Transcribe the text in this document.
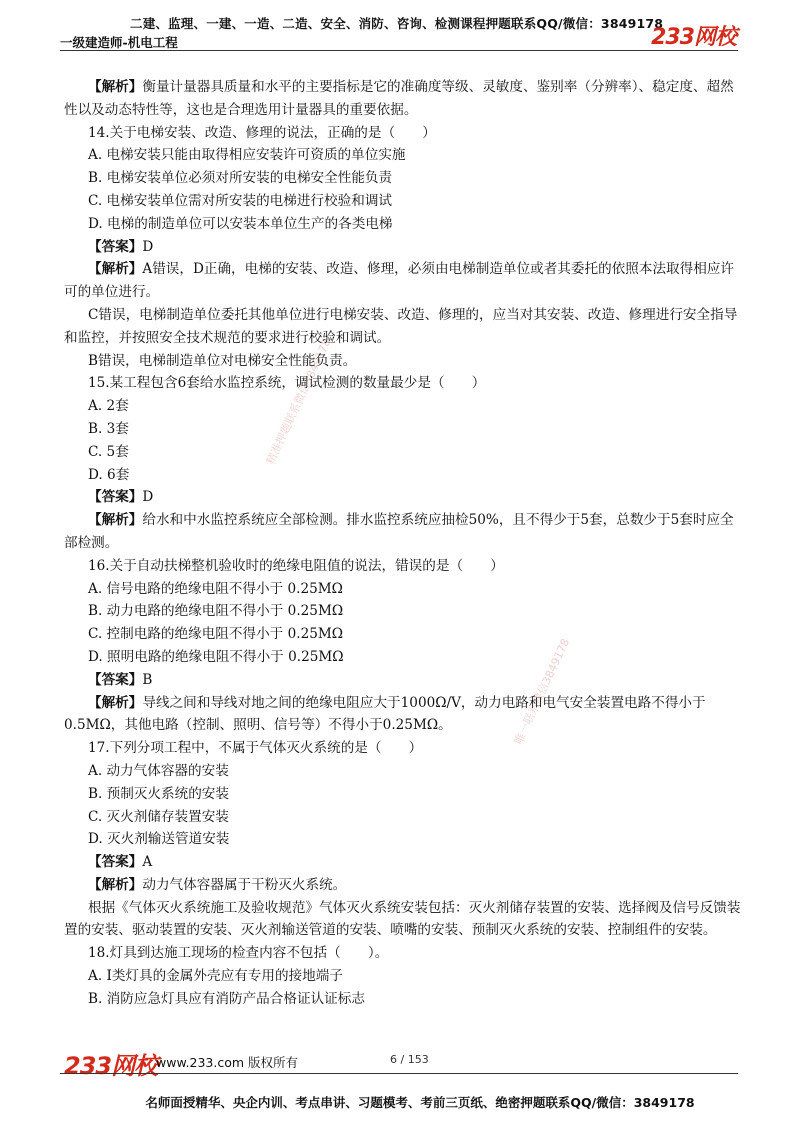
二建、监理、一建、一造、二造、安全、消防、咨询、检测课程押题联系QQ/微信：3849178
一级建造师-机电工程	233网校
精准押题联系微信3849178
唯一联系微信3849178

【解析】衡量计量器具质量和水平的主要指标是它的准确度等级、灵敏度、鉴别率（分辨率）、稳定度、超然性以及动态特性等，这也是合理选用计量器具的重要依据。

14.关于电梯安装、改造、修理的说法，正确的是（　　）

A. 电梯安装只能由取得相应安装许可资质的单位实施

B. 电梯安装单位必须对所安装的电梯安全性能负责

C. 电梯安装单位需对所安装的电梯进行校验和调试

D. 电梯的制造单位可以安装本单位生产的各类电梯

【答案】D

【解析】A错误，D正确，电梯的安装、改造、修理，必须由电梯制造单位或者其委托的依照本法取得相应许可的单位进行。

C错误，电梯制造单位委托其他单位进行电梯安装、改造、修理的，应当对其安装、改造、修理进行安全指导和监控，并按照安全技术规范的要求进行校验和调试。

B错误，电梯制造单位对电梯安全性能负责。

15.某工程包含6套给水监控系统，调试检测的数量最少是（　　）

A. 2套

B. 3套

C. 5套

D. 6套

【答案】D

【解析】给水和中水监控系统应全部检测。排水监控系统应抽检50%，且不得少于5套，总数少于5套时应全部检测。

16.关于自动扶梯整机验收时的绝缘电阻值的说法，错误的是（　　）

A. 信号电路的绝缘电阻不得小于 0.25MΩ

B. 动力电路的绝缘电阻不得小于 0.25MΩ

C. 控制电路的绝缘电阻不得小于 0.25MΩ

D. 照明电路的绝缘电阻不得小于 0.25MΩ

【答案】B

【解析】导线之间和导线对地之间的绝缘电阻应大于1000Ω/V，动力电路和电气安全装置电路不得小于0.5MΩ，其他电路（控制、照明、信号等）不得小于0.25MΩ。

17.下列分项工程中，不属于气体灭火系统的是（　　）

A. 动力气体容器的安装

B. 预制灭火系统的安装

C. 灭火剂储存装置安装

D. 灭火剂输送管道安装

【答案】A

【解析】动力气体容器属于干粉灭火系统。

根据《气体灭火系统施工及验收规范》气体灭火系统安装包括：灭火剂储存装置的安装、选择阀及信号反馈装置的安装、驱动装置的安装、灭火剂输送管道的安装、喷嘴的安装、预制灭火系统的安装、控制组件的安装。

18.灯具到达施工现场的检查内容不包括（　　）。

A. Ⅰ类灯具的金属外壳应有专用的接地端子

B. 消防应急灯具应有消防产品合格证认证标志

233网校
www.233.com 版权所有	6 / 153
名师面授精华、央企内训、考点串讲、习题模考、考前三页纸、绝密押题联系QQ/微信：3849178
